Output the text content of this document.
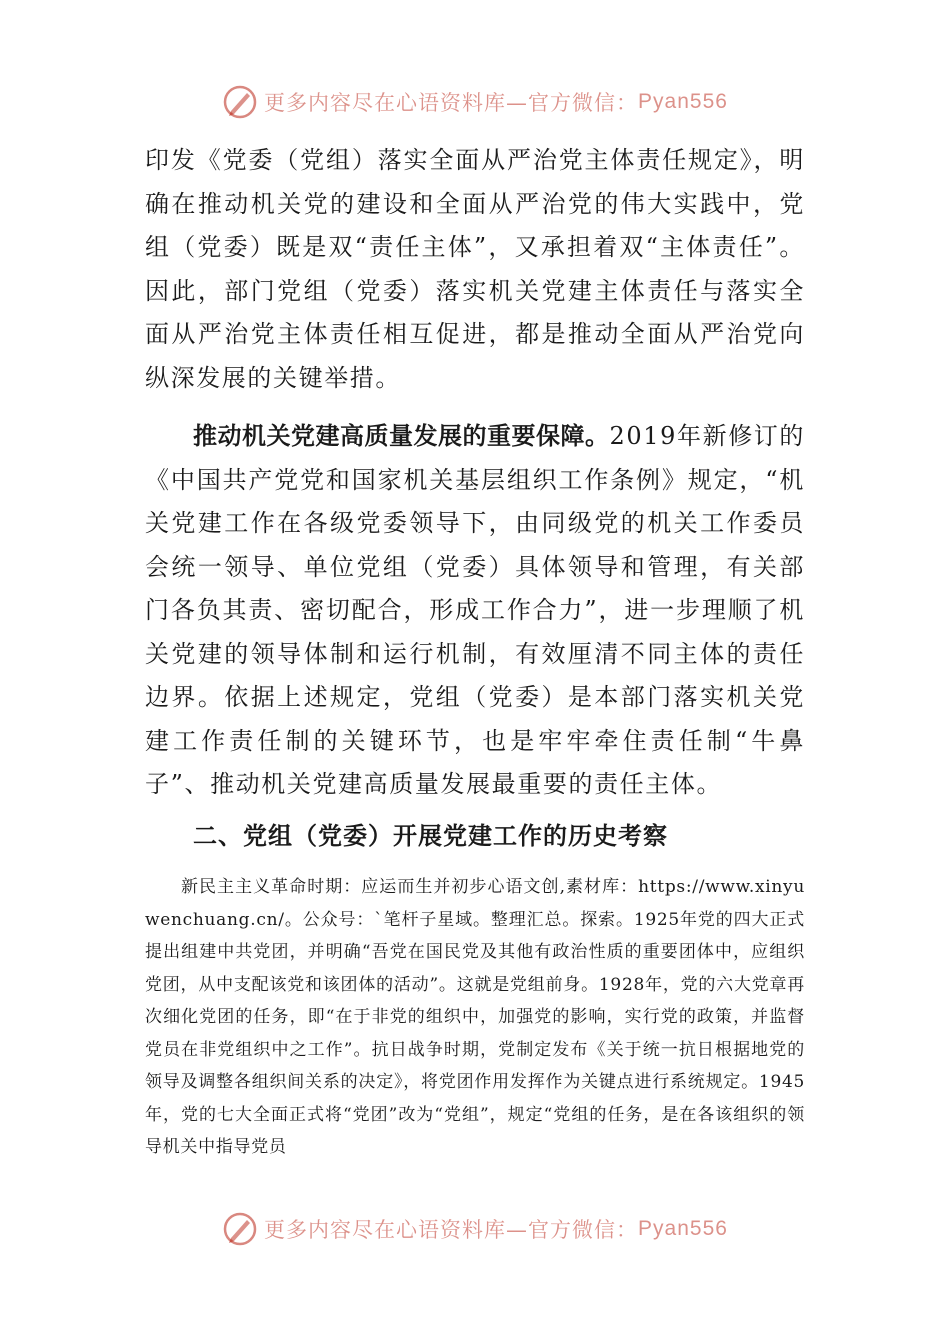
更多内容尽在心语资料库—官方微信： Pyan556

印发《党委（党组）落实全面从严治党主体责任规定》，明确在推动机关党的建设和全面从严治党的伟大实践中，党组（党委）既是双“责任主体”，又承担着双“主体责任”。因此，部门党组（党委）落实机关党建主体责任与落实全面从严治党主体责任相互促进，都是推动全面从严治党向纵深发展的关键举措。

推动机关党建高质量发展的重要保障。2019年新修订的《中国共产党党和国家机关基层组织工作条例》规定，“机关党建工作在各级党委领导下，由同级党的机关工作委员会统一领导、单位党组（党委）具体领导和管理，有关部门各负其责、密切配合，形成工作合力”，进一步理顺了机关党建的领导体制和运行机制，有效厘清不同主体的责任边界。依据上述规定，党组（党委）是本部门落实机关党建工作责任制的关键环节，也是牢牢牵住责任制“牛鼻子”、推动机关党建高质量发展最重要的责任主体。

二、党组（党委）开展党建工作的历史考察

新民主主义革命时期：应运而生并初步心语文创,素材库：https://www.xinyuwenchuang.cn/。公众号：`笔杆子星域。整理汇总。探索。1925年党的四大正式提出组建中共党团，并明确“吾党在国民党及其他有政治性质的重要团体中，应组织党团，从中支配该党和该团体的活动”。这就是党组前身。1928年，党的六大党章再次细化党团的任务，即“在于非党的组织中，加强党的影响，实行党的政策，并监督党员在非党组织中之工作”。抗日战争时期，党制定发布《关于统一抗日根据地党的领导及调整各组织间关系的决定》，将党团作用发挥作为关键点进行系统规定。1945年，党的七大全面正式将“党团”改为“党组”，规定“党组的任务，是在各该组织的领导机关中指导党员

更多内容尽在心语资料库—官方微信： Pyan556
